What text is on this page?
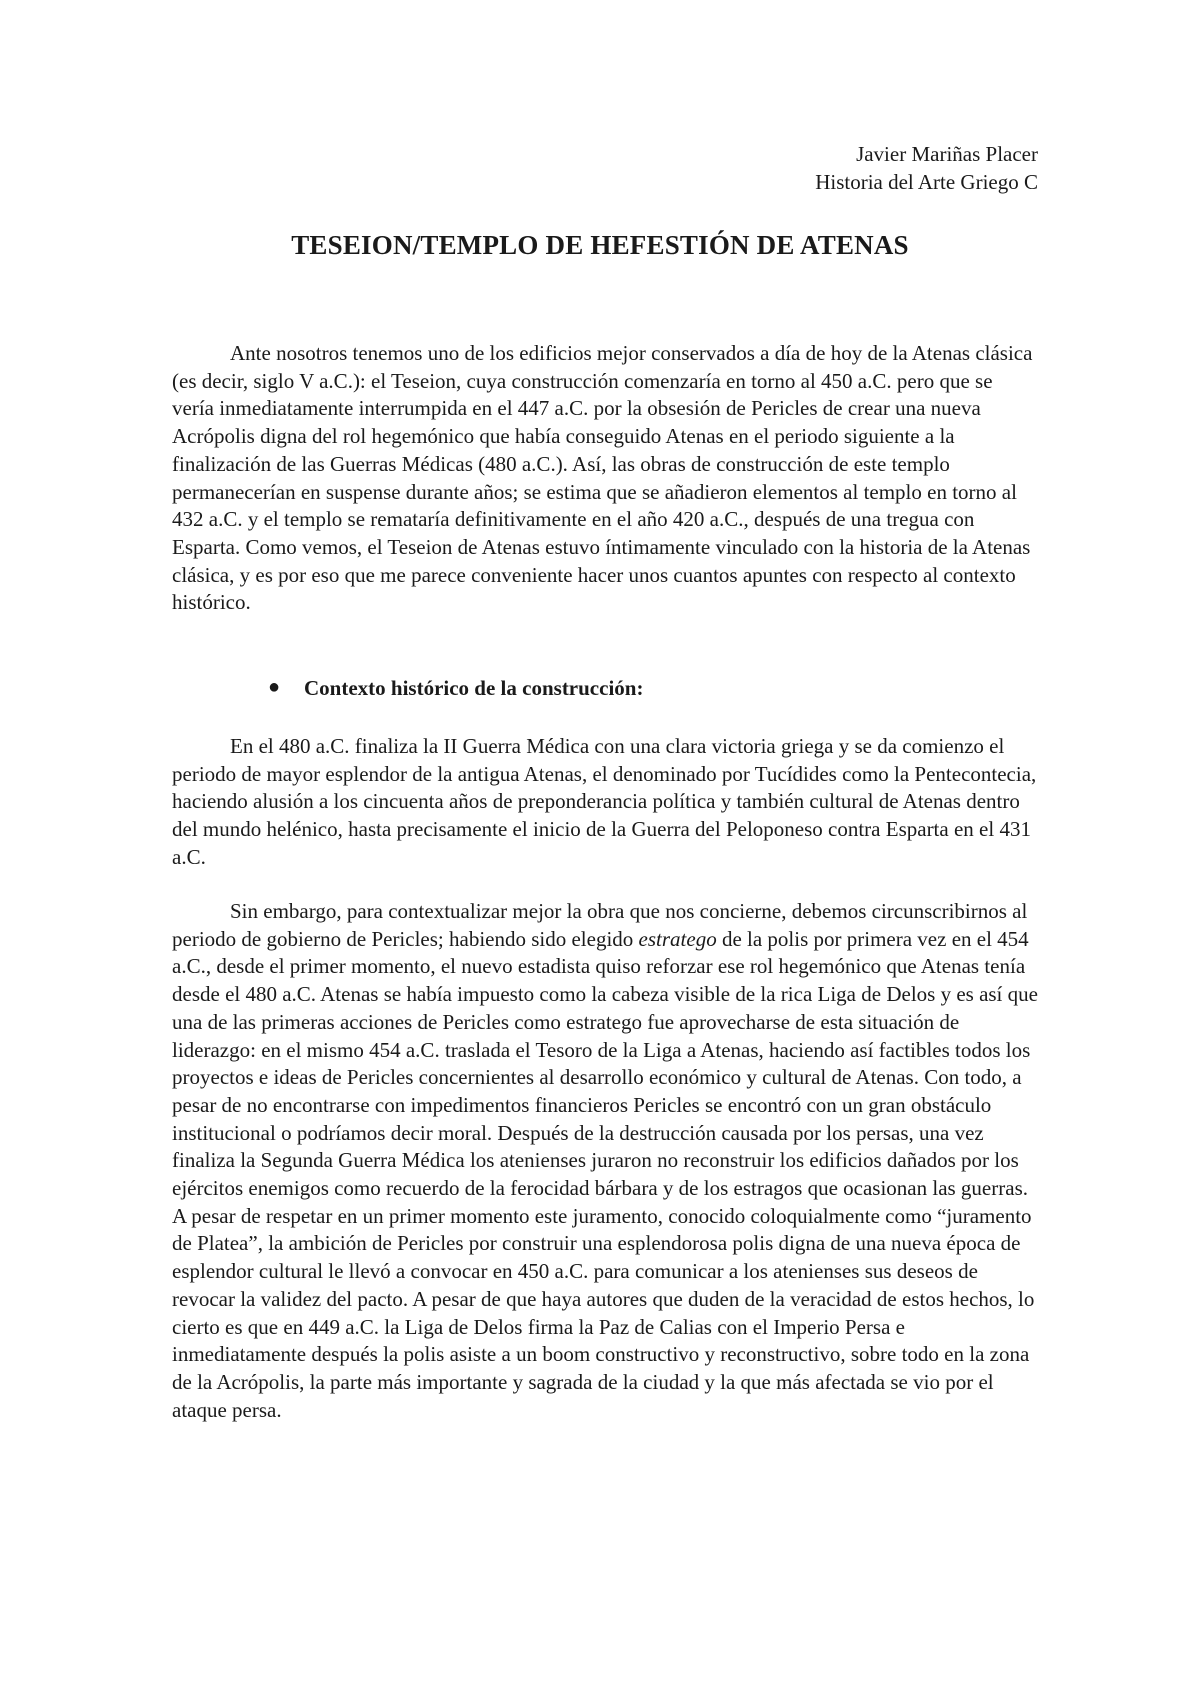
Javier Mariñas Placer
Historia del Arte Griego C
TESEION/TEMPLO DE HEFESTIÓN DE ATENAS
Ante nosotros tenemos uno de los edificios mejor conservados a día de hoy de la Atenas clásica (es decir, siglo V a.C.): el Teseion, cuya construcción comenzaría en torno al 450 a.C. pero que se vería inmediatamente interrumpida en el 447 a.C. por la obsesión de Pericles de crear una nueva Acrópolis digna del rol hegemónico que había conseguido Atenas en el periodo siguiente a la finalización de las Guerras Médicas (480 a.C.). Así, las obras de construcción de este templo permanecerían en suspense durante años; se estima que se añadieron elementos al templo en torno al 432 a.C. y el templo se remataría definitivamente en el año 420 a.C., después de una tregua con Esparta. Como vemos, el Teseion de Atenas estuvo íntimamente vinculado con la historia de la Atenas clásica, y es por eso que me parece conveniente hacer unos cuantos apuntes con respecto al contexto histórico.
● Contexto histórico de la construcción:
En el 480 a.C. finaliza la II Guerra Médica con una clara victoria griega y se da comienzo el periodo de mayor esplendor de la antigua Atenas, el denominado por Tucídides como la Pentecontecia, haciendo alusión a los cincuenta años de preponderancia política y también cultural de Atenas dentro del mundo helénico, hasta precisamente el inicio de la Guerra del Peloponeso contra Esparta en el 431 a.C.
Sin embargo, para contextualizar mejor la obra que nos concierne, debemos circunscribirnos al periodo de gobierno de Pericles; habiendo sido elegido estratego de la polis por primera vez en el 454 a.C., desde el primer momento, el nuevo estadista quiso reforzar ese rol hegemónico que Atenas tenía desde el 480 a.C. Atenas se había impuesto como la cabeza visible de la rica Liga de Delos y es así que una de las primeras acciones de Pericles como estratego fue aprovecharse de esta situación de liderazgo: en el mismo 454 a.C. traslada el Tesoro de la Liga a Atenas, haciendo así factibles todos los proyectos e ideas de Pericles concernientes al desarrollo económico y cultural de Atenas. Con todo, a pesar de no encontrarse con impedimentos financieros Pericles se encontró con un gran obstáculo institucional o podríamos decir moral. Después de la destrucción causada por los persas, una vez finaliza la Segunda Guerra Médica los atenienses juraron no reconstruir los edificios dañados por los ejércitos enemigos como recuerdo de la ferocidad bárbara y de los estragos que ocasionan las guerras. A pesar de respetar en un primer momento este juramento, conocido coloquialmente como “juramento de Platea”, la ambición de Pericles por construir una esplendorosa polis digna de una nueva época de esplendor cultural le llevó a convocar en 450 a.C. para comunicar a los atenienses sus deseos de revocar la validez del pacto. A pesar de que haya autores que duden de la veracidad de estos hechos, lo cierto es que en 449 a.C. la Liga de Delos firma la Paz de Calias con el Imperio Persa e inmediatamente después la polis asiste a un boom constructivo y reconstructivo, sobre todo en la zona de la Acrópolis, la parte más importante y sagrada de la ciudad y la que más afectada se vio por el ataque persa.
